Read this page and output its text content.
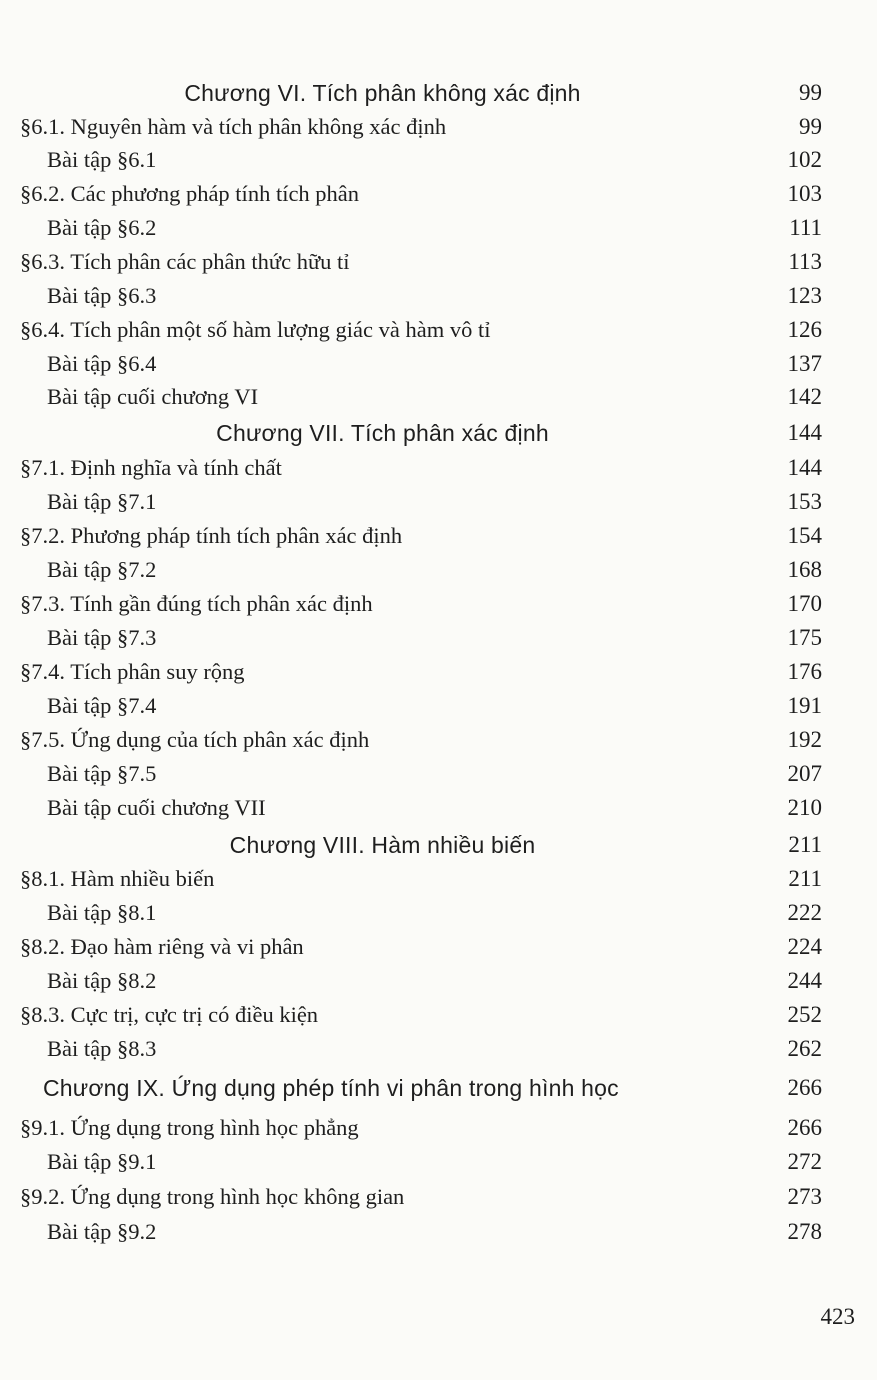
Chương VI. Tích phân không xác định	99
§6.1. Nguyên hàm và tích phân không xác định	99
Bài tập §6.1	102
§6.2. Các phương pháp tính tích phân	103
Bài tập §6.2	111
§6.3. Tích phân các phân thức hữu tỉ	113
Bài tập §6.3	123
§6.4. Tích phân một số hàm lượng giác và hàm vô tỉ	126
Bài tập §6.4	137
Bài tập cuối chương VI	142
Chương VII. Tích phân xác định	144
§7.1. Định nghĩa và tính chất	144
Bài tập §7.1	153
§7.2. Phương pháp tính tích phân xác định	154
Bài tập §7.2	168
§7.3. Tính gần đúng tích phân xác định	170
Bài tập §7.3	175
§7.4. Tích phân suy rộng	176
Bài tập §7.4	191
§7.5. Ứng dụng của tích phân xác định	192
Bài tập §7.5	207
Bài tập cuối chương VII	210
Chương VIII. Hàm nhiều biến	211
§8.1. Hàm nhiều biến	211
Bài tập §8.1	222
§8.2. Đạo hàm riêng và vi phân	224
Bài tập §8.2	244
§8.3. Cực trị, cực trị có điều kiện	252
Bài tập §8.3	262
Chương IX. Ứng dụng phép tính vi phân trong hình học	266
§9.1. Ứng dụng trong hình học phẳng	266
Bài tập §9.1	272
§9.2. Ứng dụng trong hình học không gian	273
Bài tập §9.2	278
423
